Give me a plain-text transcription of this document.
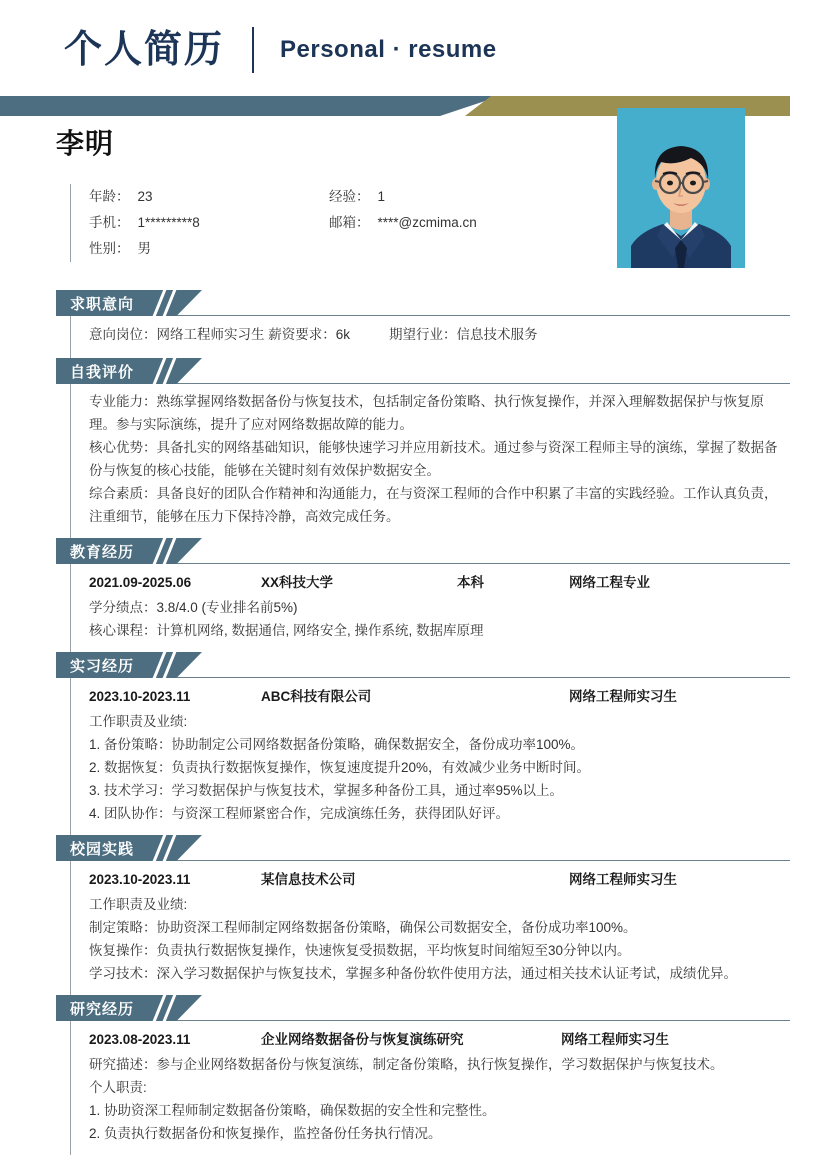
个人简历 Personal · resume
李明
年龄： 23	经验： 1
手机： 1*********8	邮箱： ****@zcmima.cn
性别： 男
求职意向
意向岗位：网络工程师实习生 薪资要求：6k	期望行业：信息技术服务
自我评价
专业能力：熟练掌握网络数据备份与恢复技术，包括制定备份策略、执行恢复操作，并深入理解数据保护与恢复原理。参与实际演练，提升了应对网络数据故障的能力。
核心优势：具备扎实的网络基础知识，能够快速学习并应用新技术。通过参与资深工程师主导的演练，掌握了数据备份与恢复的核心技能，能够在关键时刻有效保护数据安全。
综合素质：具备良好的团队合作精神和沟通能力，在与资深工程师的合作中积累了丰富的实践经验。工作认真负责，注重细节，能够在压力下保持冷静，高效完成任务。
教育经历
2021.09-2025.06	XX科技大学	本科	网络工程专业
学分绩点：3.8/4.0 (专业排名前5%)
核心课程：计算机网络, 数据通信, 网络安全, 操作系统, 数据库原理
实习经历
2023.10-2023.11	ABC科技有限公司	网络工程师实习生
工作职责及业绩:
1. 备份策略：协助制定公司网络数据备份策略，确保数据安全，备份成功率100%。
2. 数据恢复：负责执行数据恢复操作，恢复速度提升20%，有效减少业务中断时间。
3. 技术学习：学习数据保护与恢复技术，掌握多种备份工具，通过率95%以上。
4. 团队协作：与资深工程师紧密合作，完成演练任务，获得团队好评。
校园实践
2023.10-2023.11	某信息技术公司	网络工程师实习生
工作职责及业绩:
制定策略：协助资深工程师制定网络数据备份策略，确保公司数据安全，备份成功率100%。
恢复操作：负责执行数据恢复操作，快速恢复受损数据，平均恢复时间缩短至30分钟以内。
学习技术：深入学习数据保护与恢复技术，掌握多种备份软件使用方法，通过相关技术认证考试，成绩优异。
研究经历
2023.08-2023.11	企业网络数据备份与恢复演练研究	网络工程师实习生
研究描述：参与企业网络数据备份与恢复演练，制定备份策略，执行恢复操作，学习数据保护与恢复技术。
个人职责:
1. 协助资深工程师制定数据备份策略，确保数据的安全性和完整性。
2. 负责执行数据备份和恢复操作，监控备份任务执行情况。
